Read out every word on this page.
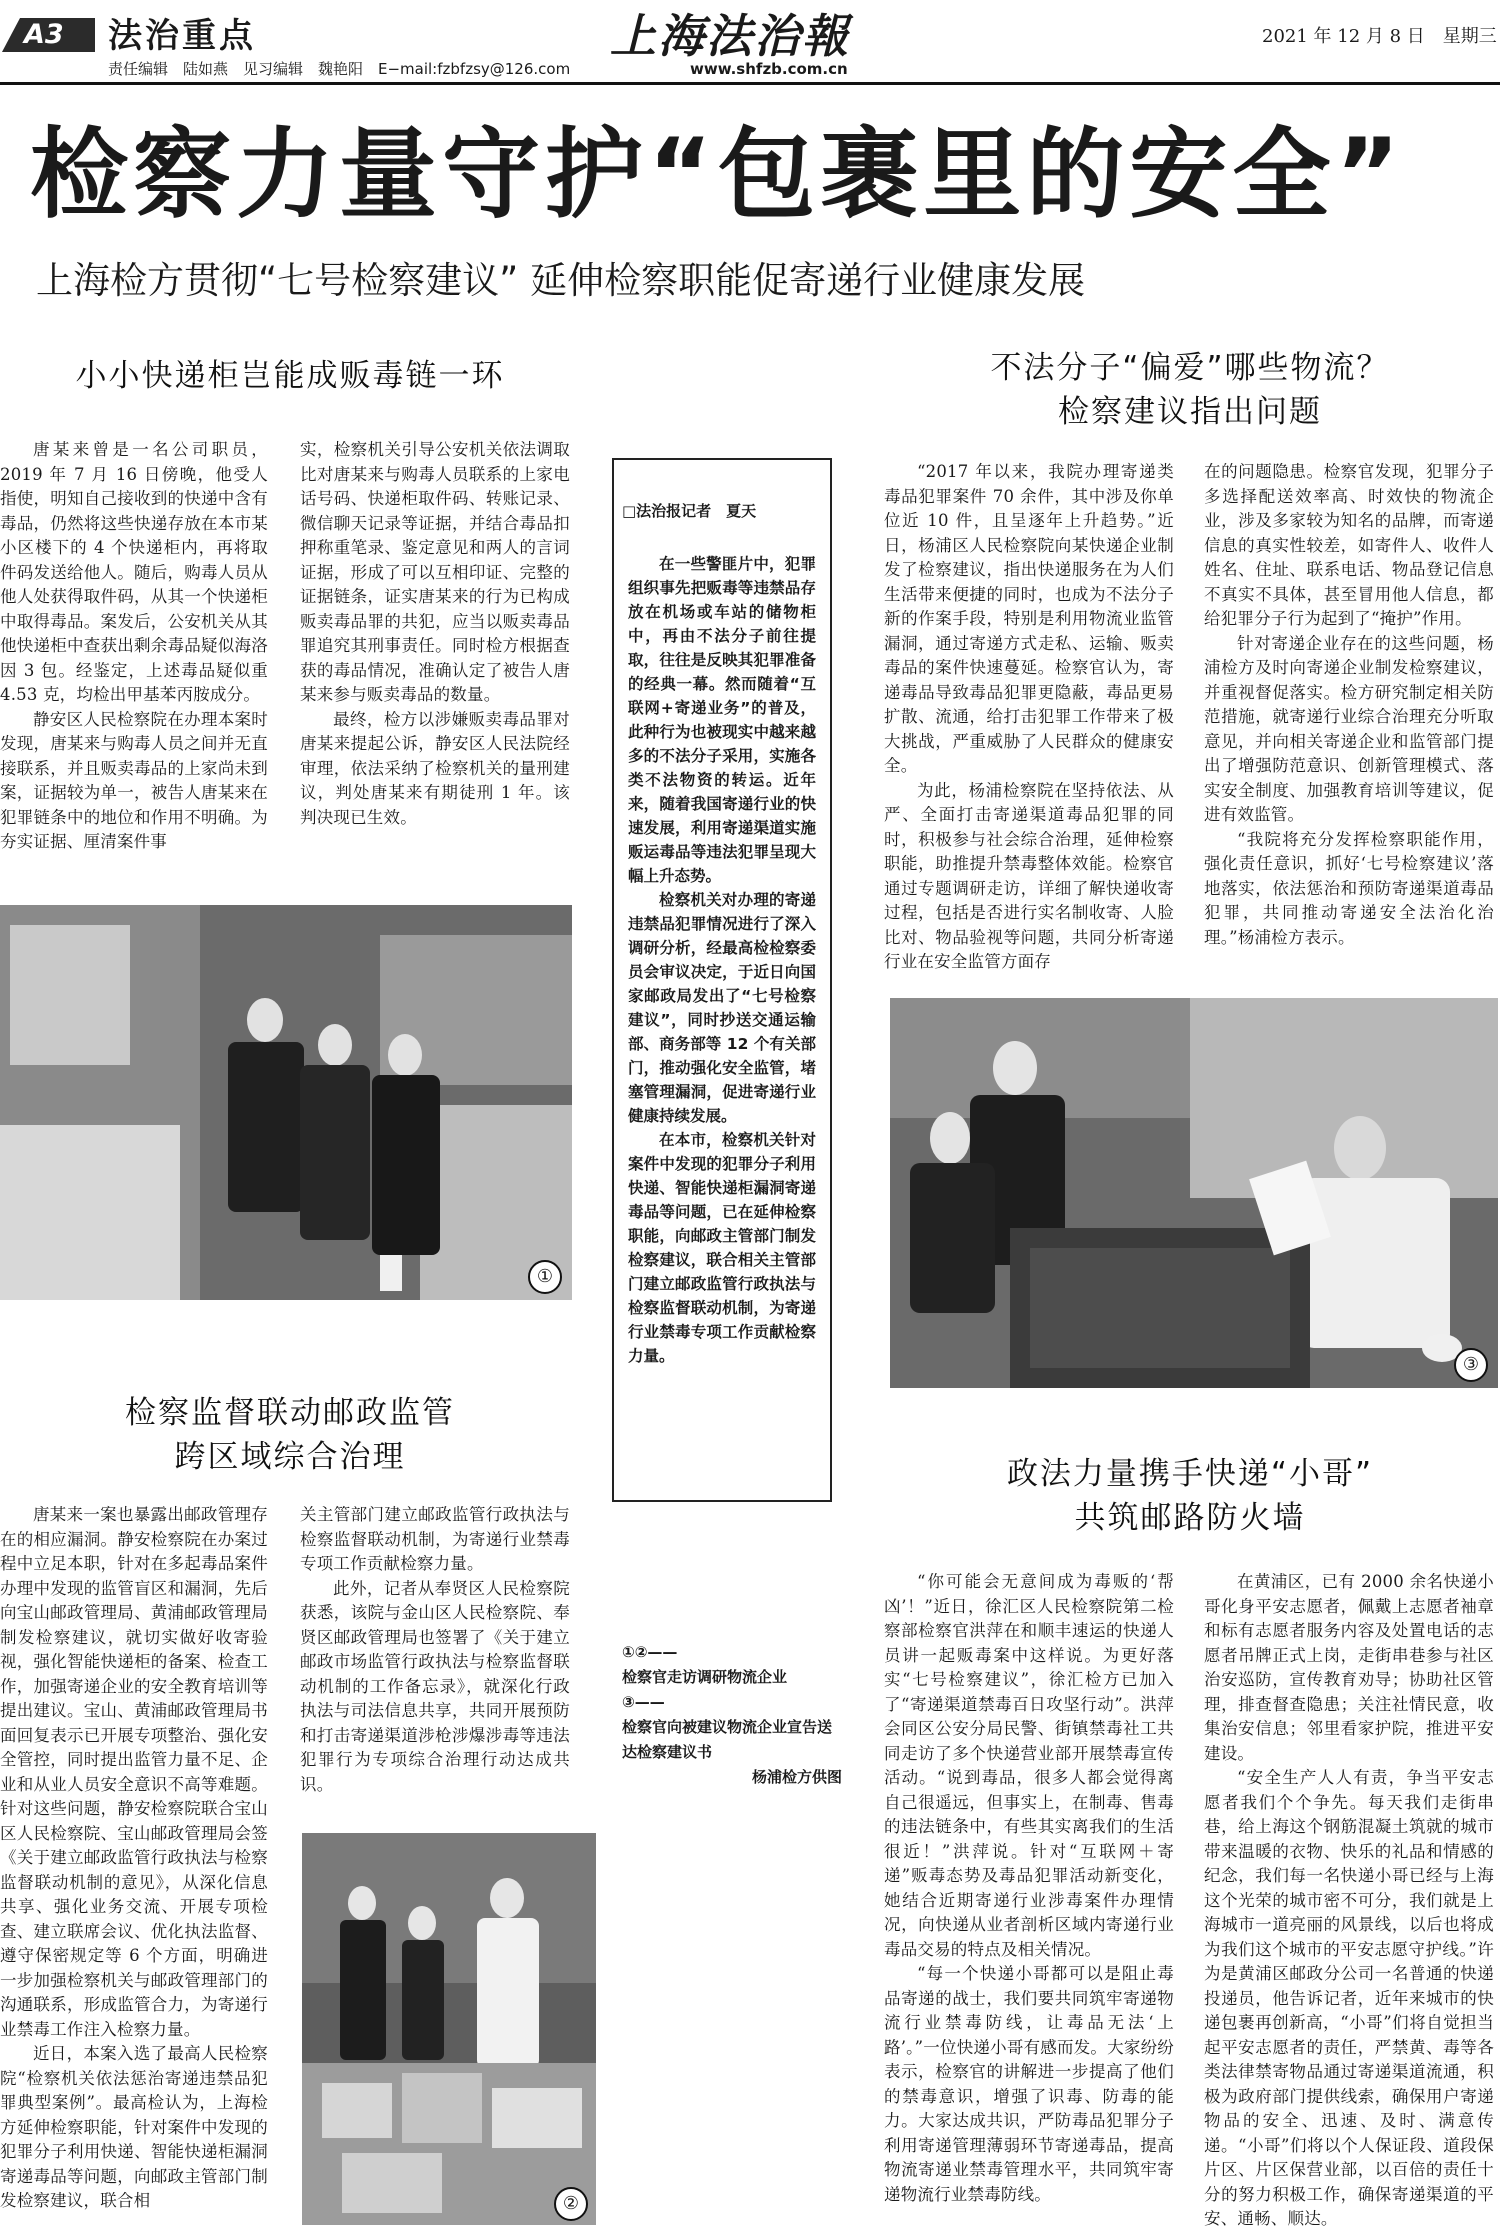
A3 法治重点
责任编辑　陆如燕　见习编辑　魏艳阳　E−mail:fzbfzsy@126.com
上海法治報
www.shfzb.com.cn
2021 年 12 月 8 日　星期三
检察力量守护“包裹里的安全”
上海检方贯彻“七号检察建议” 延伸检察职能促寄递行业健康发展
小小快递柜岂能成贩毒链一环

唐某来曾是一名公司职员，2019 年 7 月 16 日傍晚，他受人指使，明知自己接收到的快递中含有毒品，仍然将这些快递存放在本市某小区楼下的 4 个快递柜内，再将取件码发送给他人。随后，购毒人员从他人处获得取件码，从其一个快递柜中取得毒品。案发后，公安机关从其他快递柜中查获出剩余毒品疑似海洛因 3 包。经鉴定，上述毒品疑似重 4.53 克，均检出甲基苯丙胺成分。

静安区人民检察院在办理本案时发现，唐某来与购毒人员之间并无直接联系，并且贩卖毒品的上家尚未到案，证据较为单一，被告人唐某来在犯罪链条中的地位和作用不明确。为夯实证据、厘清案件事

实，检察机关引导公安机关依法调取比对唐某来与购毒人员联系的上家电话号码、快递柜取件码、转账记录、微信聊天记录等证据，并结合毒品扣押称重笔录、鉴定意见和两人的言词证据，形成了可以互相印证、完整的证据链条，证实唐某来的行为已构成贩卖毒品罪的共犯，应当以贩卖毒品罪追究其刑事责任。同时检方根据查获的毒品情况，准确认定了被告人唐某来参与贩卖毒品的数量。

最终，检方以涉嫌贩卖毒品罪对唐某来提起公诉，静安区人民法院经审理，依法采纳了检察机关的量刑建议，判处唐某来有期徒刑 1 年。该判决现已生效。

①
检察监督联动邮政监管
跨区域综合治理

唐某来一案也暴露出邮政管理存在的相应漏洞。静安检察院在办案过程中立足本职，针对在多起毒品案件办理中发现的监管盲区和漏洞，先后向宝山邮政管理局、黄浦邮政管理局制发检察建议，就切实做好收寄验视，强化智能快递柜的备案、检查工作，加强寄递企业的安全教育培训等提出建议。宝山、黄浦邮政管理局书面回复表示已开展专项整治、强化安全管控，同时提出监管力量不足、企业和从业人员安全意识不高等难题。针对这些问题，静安检察院联合宝山区人民检察院、宝山邮政管理局会签《关于建立邮政监管行政执法与检察监督联动机制的意见》，从深化信息共享、强化业务交流、开展专项检查、建立联席会议、优化执法监督、遵守保密规定等 6 个方面，明确进一步加强检察机关与邮政管理部门的沟通联系，形成监管合力，为寄递行业禁毒工作注入检察力量。

近日，本案入选了最高人民检察院“检察机关依法惩治寄递违禁品犯罪典型案例”。最高检认为，上海检方延伸检察职能，针对案件中发现的犯罪分子利用快递、智能快递柜漏洞寄递毒品等问题，向邮政主管部门制发检察建议，联合相

关主管部门建立邮政监管行政执法与检察监督联动机制，为寄递行业禁毒专项工作贡献检察力量。

此外，记者从奉贤区人民检察院获悉，该院与金山区人民检察院、奉贤区邮政管理局也签署了《关于建立邮政市场监管行政执法与检察监督联动机制的工作备忘录》，就深化行政执法与司法信息共享，共同开展预防和打击寄递渠道涉枪涉爆涉毒等违法犯罪行为专项综合治理行动达成共识。

②
□法治报记者　夏天

在一些警匪片中，犯罪组织事先把贩毒等违禁品存放在机场或车站的储物柜中，再由不法分子前往提取，往往是反映其犯罪准备的经典一幕。然而随着“互联网+寄递业务”的普及，此种行为也被现实中越来越多的不法分子采用，实施各类不法物资的转运。近年来，随着我国寄递行业的快速发展，利用寄递渠道实施贩运毒品等违法犯罪呈现大幅上升态势。

检察机关对办理的寄递违禁品犯罪情况进行了深入调研分析，经最高检检察委员会审议决定，于近日向国家邮政局发出了“七号检察建议”，同时抄送交通运输部、商务部等 12 个有关部门，推动强化安全监管，堵塞管理漏洞，促进寄递行业健康持续发展。

在本市，检察机关针对案件中发现的犯罪分子利用快递、智能快递柜漏洞寄递毒品等问题，已在延伸检察职能，向邮政主管部门制发检察建议，联合相关主管部门建立邮政监管行政执法与检察监督联动机制，为寄递行业禁毒专项工作贡献检察力量。

①②——
检察官走访调研物流企业
③——
检察官向被建议物流企业宣告送达检察建议书
杨浦检方供图
不法分子“偏爱”哪些物流？
检察建议指出问题

“2017 年以来，我院办理寄递类毒品犯罪案件 70 余件，其中涉及你单位近 10 件，且呈逐年上升趋势。”近日，杨浦区人民检察院向某快递企业制发了检察建议，指出快递服务在为人们生活带来便捷的同时，也成为不法分子新的作案手段，特别是利用物流业监管漏洞，通过寄递方式走私、运输、贩卖毒品的案件快速蔓延。检察官认为，寄递毒品导致毒品犯罪更隐蔽，毒品更易扩散、流通，给打击犯罪工作带来了极大挑战，严重威胁了人民群众的健康安全。

为此，杨浦检察院在坚持依法、从严、全面打击寄递渠道毒品犯罪的同时，积极参与社会综合治理，延伸检察职能，助推提升禁毒整体效能。检察官通过专题调研走访，详细了解快递收寄过程，包括是否进行实名制收寄、人脸比对、物品验视等问题，共同分析寄递行业在安全监管方面存

在的问题隐患。检察官发现，犯罪分子多选择配送效率高、时效快的物流企业，涉及多家较为知名的品牌，而寄递信息的真实性较差，如寄件人、收件人姓名、住址、联系电话、物品登记信息不真实不具体，甚至冒用他人信息，都给犯罪分子行为起到了“掩护”作用。

针对寄递企业存在的这些问题，杨浦检方及时向寄递企业制发检察建议，并重视督促落实。检方研究制定相关防范措施，就寄递行业综合治理充分听取意见，并向相关寄递企业和监管部门提出了增强防范意识、创新管理模式、落实安全制度、加强教育培训等建议，促进有效监管。

“我院将充分发挥检察职能作用，强化责任意识，抓好‘七号检察建议’落地落实，依法惩治和预防寄递渠道毒品犯罪，共同推动寄递安全法治化治理。”杨浦检方表示。

③
政法力量携手快递“小哥”
共筑邮路防火墙

“你可能会无意间成为毒贩的‘帮凶’！”近日，徐汇区人民检察院第二检察部检察官洪萍在和顺丰速运的快递人员讲一起贩毒案中这样说。为更好落实“七号检察建议”，徐汇检方已加入了“寄递渠道禁毒百日攻坚行动”。洪萍会同区公安分局民警、街镇禁毒社工共同走访了多个快递营业部开展禁毒宣传活动。“说到毒品，很多人都会觉得离自己很遥远，但事实上，在制毒、售毒的违法链条中，有些其实离我们的生活很近！”洪萍说。针对“互联网＋寄递”贩毒态势及毒品犯罪活动新变化，她结合近期寄递行业涉毒案件办理情况，向快递从业者剖析区域内寄递行业毒品交易的特点及相关情况。

“每一个快递小哥都可以是阻止毒品寄递的战士，我们要共同筑牢寄递物流行业禁毒防线，让毒品无法‘上路’。”一位快递小哥有感而发。大家纷纷表示，检察官的讲解进一步提高了他们的禁毒意识，增强了识毒、防毒的能力。大家达成共识，严防毒品犯罪分子利用寄递管理薄弱环节寄递毒品，提高物流寄递业禁毒管理水平，共同筑牢寄递物流行业禁毒防线。

在黄浦区，已有 2000 余名快递小哥化身平安志愿者，佩戴上志愿者袖章和标有志愿者服务内容及处置电话的志愿者吊牌正式上岗，走街串巷参与社区治安巡防，宣传教育劝导；协助社区管理，排查督查隐患；关注社情民意，收集治安信息；邻里看家护院，推进平安建设。

“安全生产人人有责，争当平安志愿者我们个个争先。每天我们走街串巷，给上海这个钢筋混凝土筑就的城市带来温暖的衣物、快乐的礼品和情感的纪念，我们每一名快递小哥已经与上海这个光荣的城市密不可分，我们就是上海城市一道亮丽的风景线，以后也将成为我们这个城市的平安志愿守护线。”许为是黄浦区邮政分公司一名普通的快递投递员，他告诉记者，近年来城市的快递包裹再创新高，“小哥”们将自觉担当起平安志愿者的责任，严禁黄、毒等各类法律禁寄物品通过寄递渠道流通，积极为政府部门提供线索，确保用户寄递物品的安全、迅速、及时、满意传递。“小哥”们将以个人保证段、道段保片区、片区保营业部，以百倍的责任十分的努力积极工作，确保寄递渠道的平安、通畅、顺达。
